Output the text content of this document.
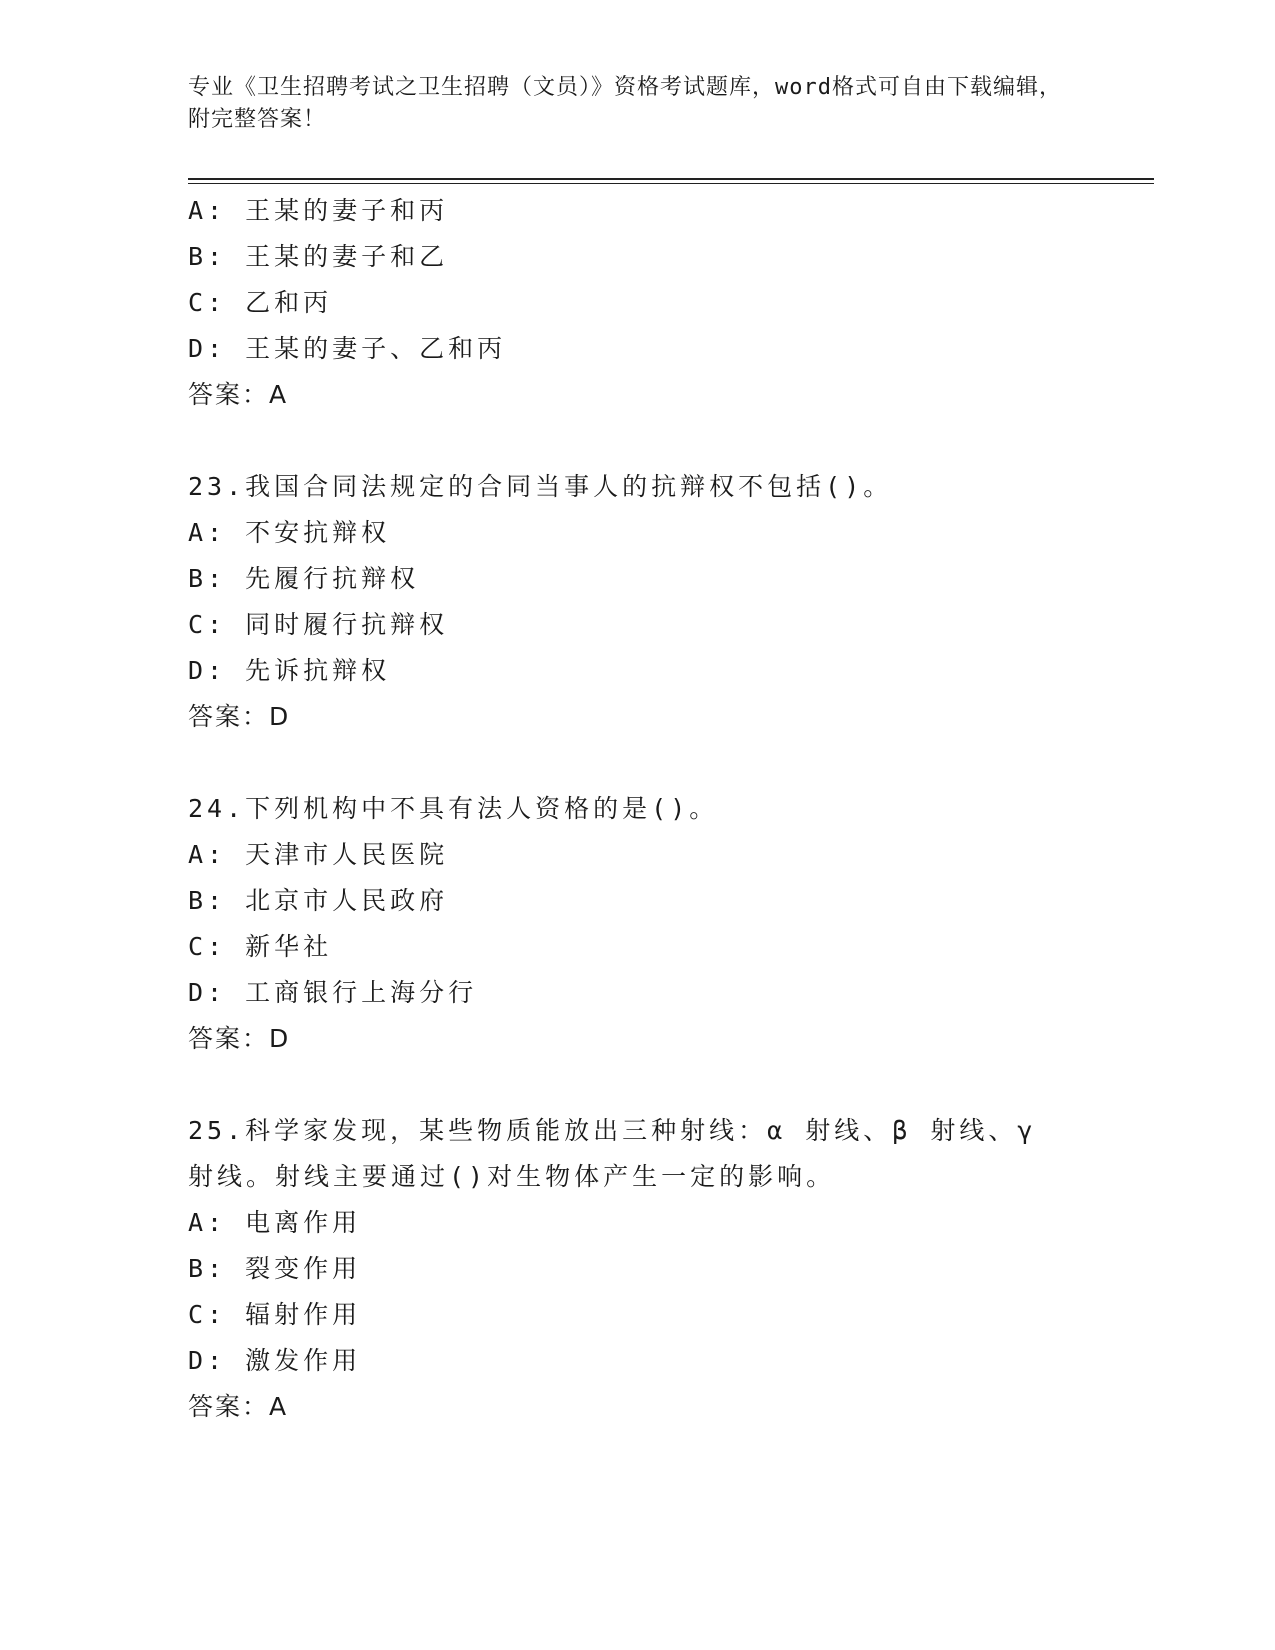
专业《卫生招聘考试之卫生招聘（文员）》资格考试题库，word格式可自由下载编辑，附完整答案！
A: 王某的妻子和丙
B: 王某的妻子和乙
C: 乙和丙
D: 王某的妻子、乙和丙
答案：A
23.我国合同法规定的合同当事人的抗辩权不包括()。
A: 不安抗辩权
B: 先履行抗辩权
C: 同时履行抗辩权
D: 先诉抗辩权
答案：D
24.下列机构中不具有法人资格的是()。
A: 天津市人民医院
B: 北京市人民政府
C: 新华社
D: 工商银行上海分行
答案：D
25.科学家发现，某些物质能放出三种射线：α 射线、β 射线、γ 射线。射线主要通过()对生物体产生一定的影响。
A: 电离作用
B: 裂变作用
C: 辐射作用
D: 激发作用
答案：A
